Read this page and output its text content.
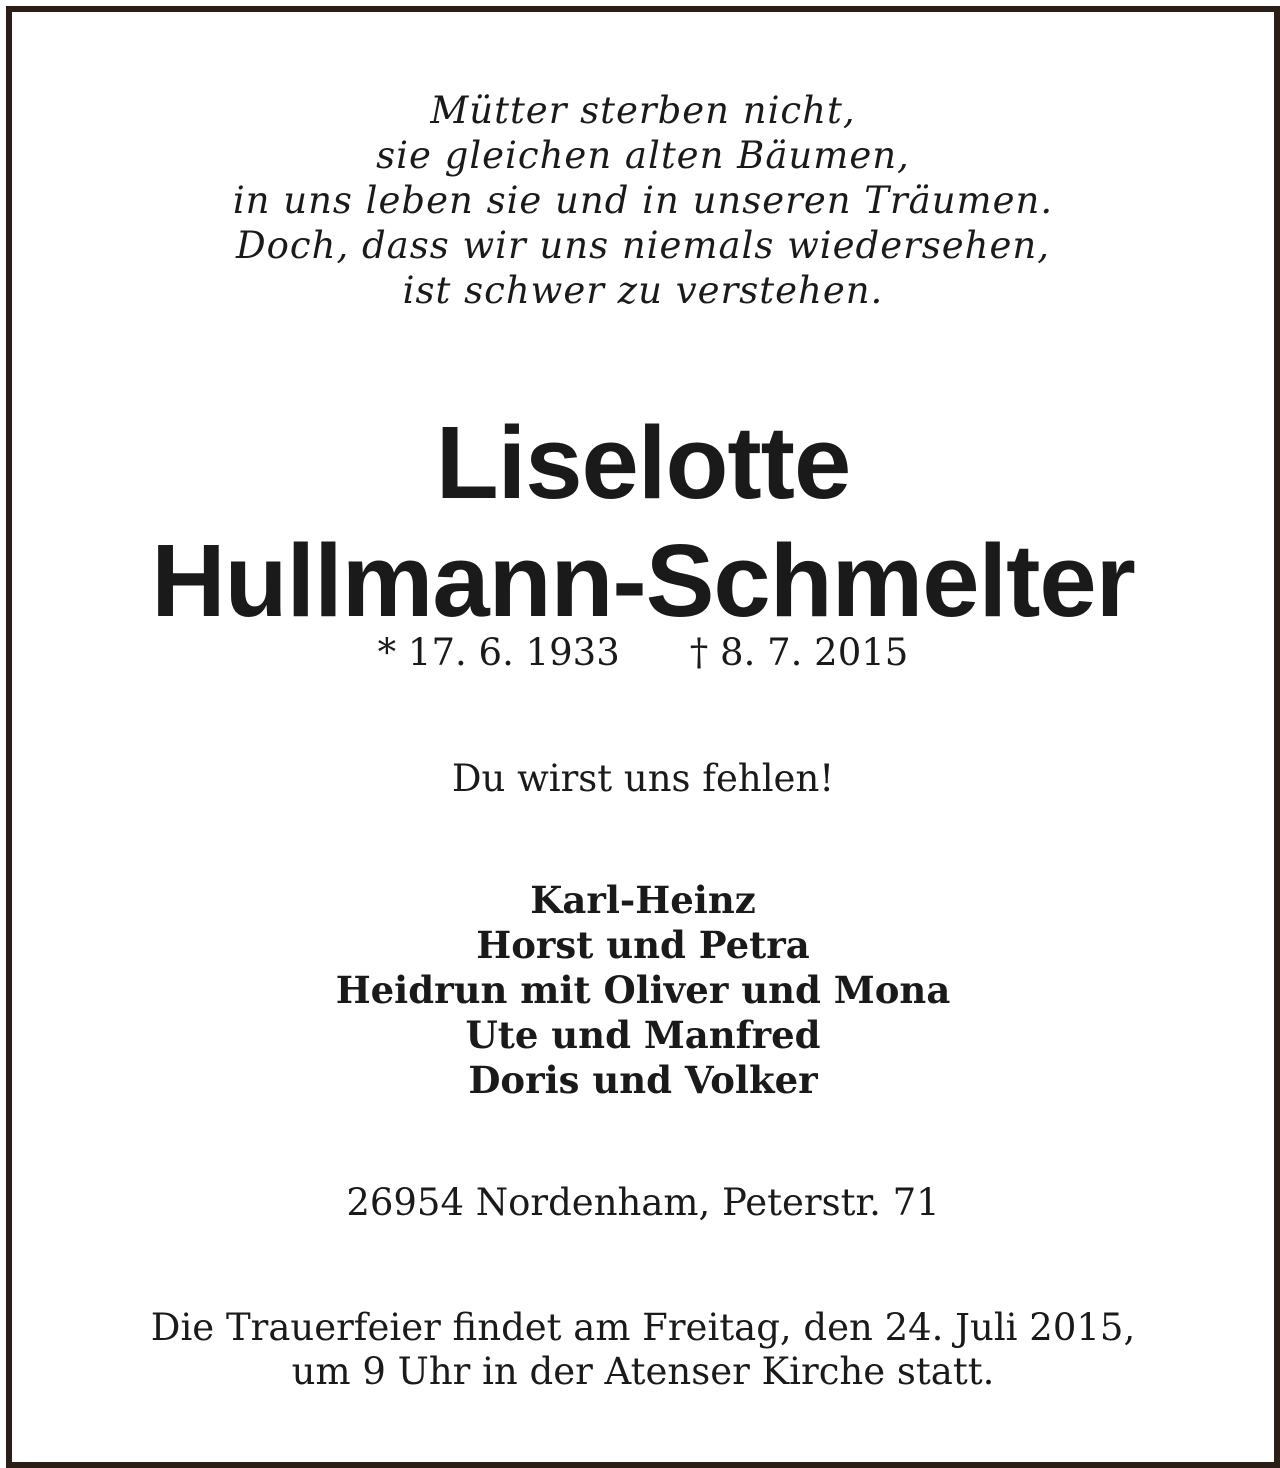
Mütter sterben nicht,
sie gleichen alten Bäumen,
in uns leben sie und in unseren Träumen.
Doch, dass wir uns niemals wiedersehen,
ist schwer zu verstehen.
Liselotte
Hullmann-Schmelter
* 17. 6. 1933 † 8. 7. 2015
Du wirst uns fehlen!
Karl-Heinz
Horst und Petra
Heidrun mit Oliver und Mona
Ute und Manfred
Doris und Volker
26954 Nordenham, Peterstr. 71
Die Trauerfeier findet am Freitag, den 24. Juli 2015,
um 9 Uhr in der Atenser Kirche statt.
